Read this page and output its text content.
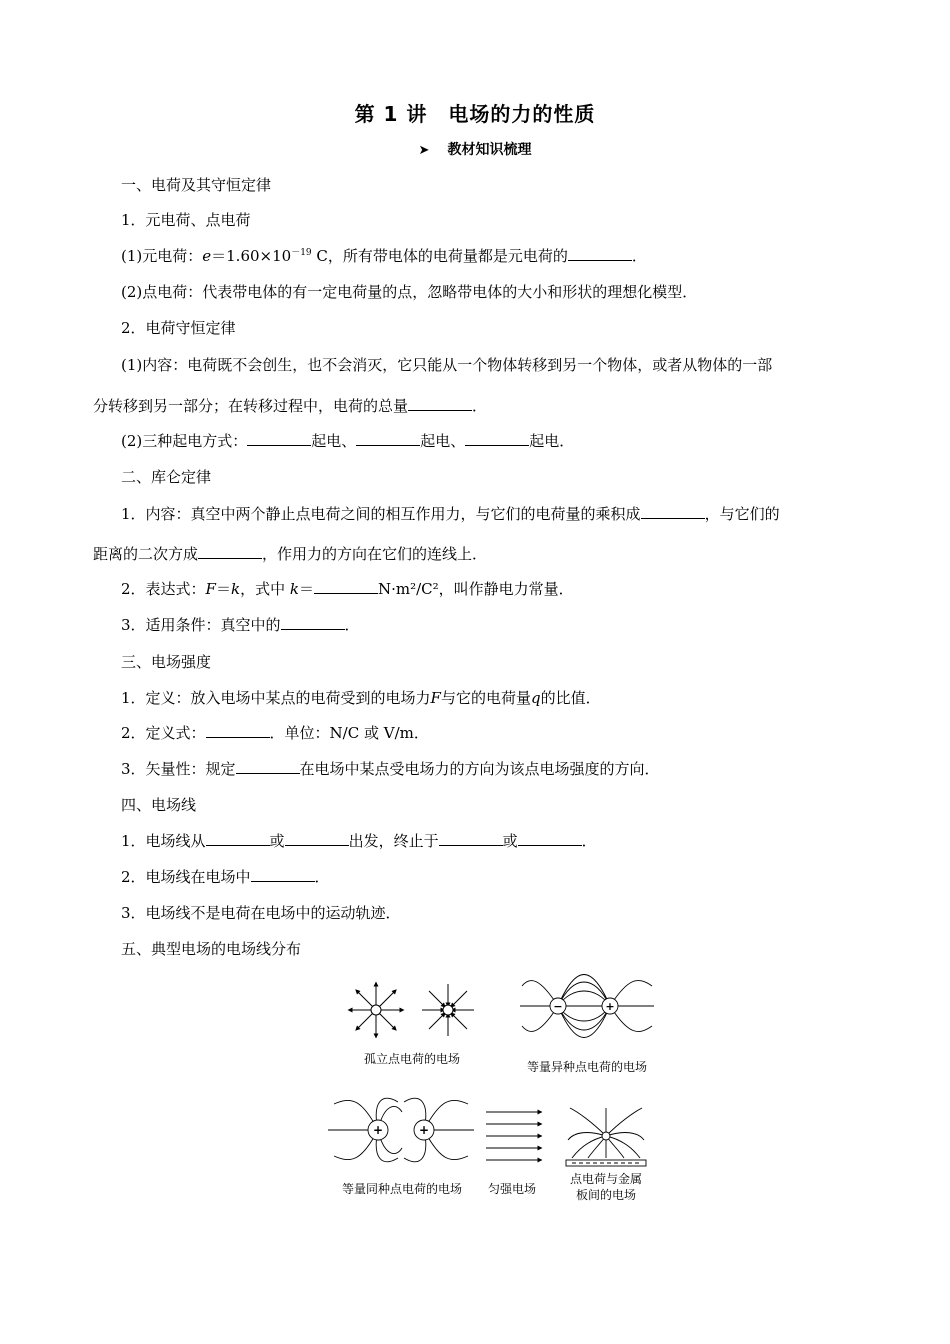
第 1 讲　电场的力的性质
➤ 教材知识梳理
一、电荷及其守恒定律
1．元电荷、点电荷
(1)元电荷：$e=1.60\times 10^{-19}$ C，所有带电体的电荷量都是元电荷的	．
(2)点电荷：代表带电体的有一定电荷量的点，忽略带电体的大小和形状的理想化模型．
2．电荷守恒定律
(1)内容：电荷既不会创生，也不会消灭，它只能从一个物体转移到另一个物体，或者从物体的一部
分转移到另一部分；在转移过程中，电荷的总量	．
(2)三种起电方式：	起电、	起电、	起电．
二、库仑定律
1．内容：真空中两个静止点电荷之间的相互作用力，与它们的电荷量的乘积成	，与它们的
距离的二次方成	，作用力的方向在它们的连线上．
2．表达式：F＝k，式中 k＝	N·m²/C²，叫作静电力常量．
3．适用条件：真空中的	．
三、电场强度
1．定义：放入电场中某点的电荷受到的电场力F与它的电荷量q的比值．
2．定义式：	．单位：N/C 或 V/m．
3．矢量性：规定	在电场中某点受电场力的方向为该点电场强度的方向．
四、电场线
1．电场线从	或	出发，终止于	或	．
2．电场线在电场中	．
3．电场线不是电荷在电场中的运动轨迹．
五、典型电场的电场线分布
孤立点电荷的电场
−	+
等量异种点电荷的电场
+	+
等量同种点电荷的电场 匀强电场
点电荷与金属
板间的电场
